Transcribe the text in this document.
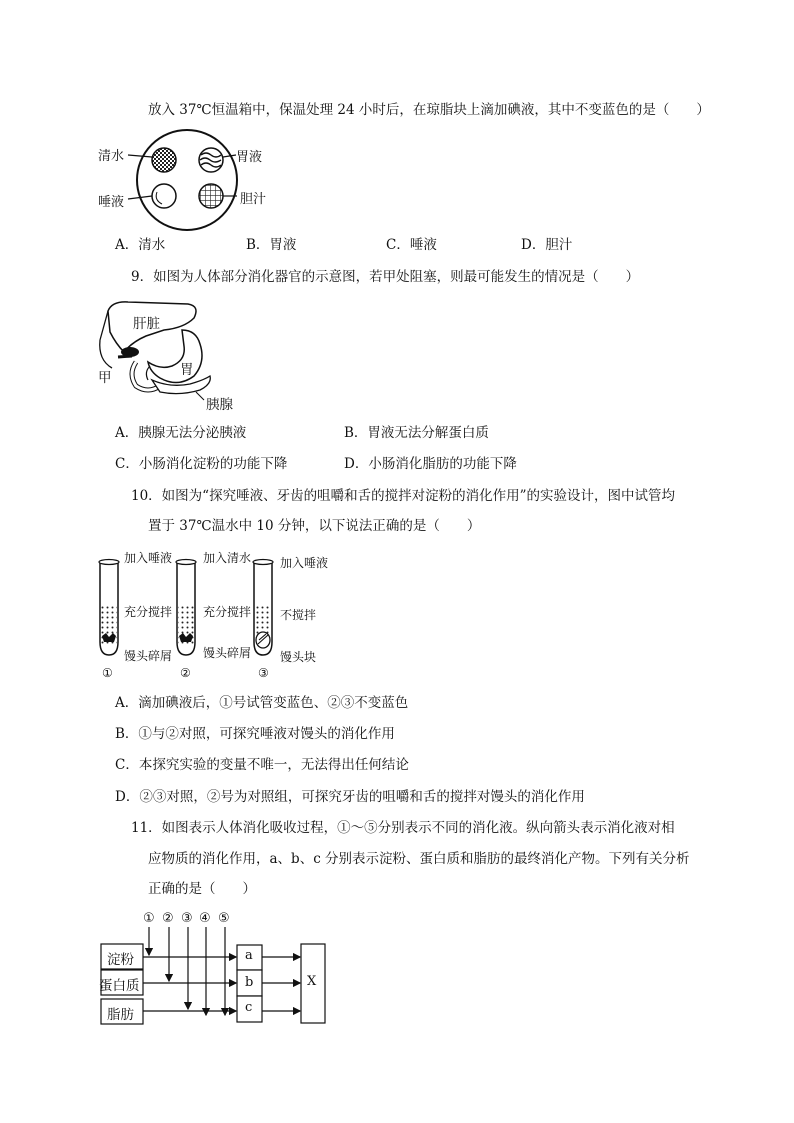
放入 37℃恒温箱中，保温处理 24 小时后，在琼脂块上滴加碘液，其中不变蓝色的是（　　）
清水	胃液
唾液	胆汁
A．清水	B．胃液	C．唾液	D．胆汁
9．如图为人体部分消化器官的示意图，若甲处阻塞，则最可能发生的情况是（　　）
肝脏
胃
甲
胰腺
A．胰腺无法分泌胰液	B．胃液无法分解蛋白质
C．小肠消化淀粉的功能下降	D．小肠消化脂肪的功能下降
10．如图为“探究唾液、牙齿的咀嚼和舌的搅拌对淀粉的消化作用”的实验设计，图中试管均
置于 37℃温水中 10 分钟，以下说法正确的是（　　）
加入唾液
充分搅拌
馒头碎屑
①
加入清水
充分搅拌
馒头碎屑
②
加入唾液
不搅拌
馒头块
③
A．滴加碘液后，①号试管变蓝色、②③不变蓝色
B．①与②对照，可探究唾液对馒头的消化作用
C．本探究实验的变量不唯一，无法得出任何结论
D．②③对照，②号为对照组，可探究牙齿的咀嚼和舌的搅拌对馒头的消化作用
11．如图表示人体消化吸收过程，①～⑤分别表示不同的消化液。纵向箭头表示消化液对相
应物质的消化作用，a、b、c 分别表示淀粉、蛋白质和脂肪的最终消化产物。下列有关分析
正确的是（　　）
① ② ③ ④ ⑤
淀粉
蛋白质
脂肪
a
b
c
X
